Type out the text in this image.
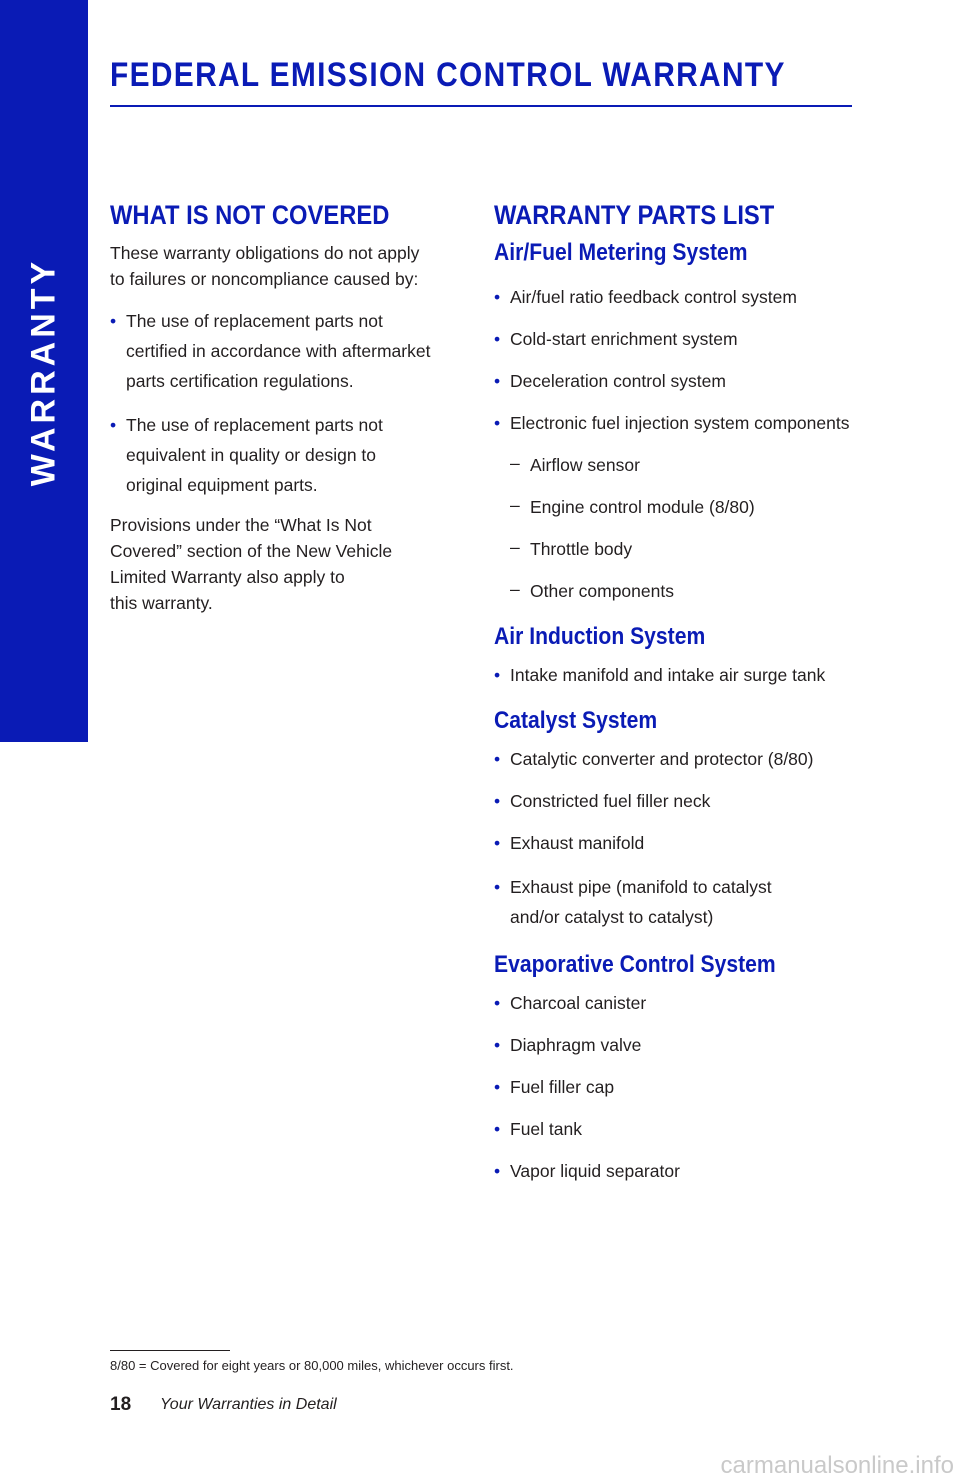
WARRANTY
FEDERAL EMISSION CONTROL WARRANTY
WHAT IS NOT COVERED

These warranty obligations do not apply
to failures or noncompliance caused by:

• The use of replacement parts not
certified in accordance with aftermarket
parts certification regulations.
• The use of replacement parts not
equivalent in quality or design to
original equipment parts.

Provisions under the “What Is Not
Covered” section of the New Vehicle
Limited Warranty also apply to
this warranty.

WARRANTY PARTS LIST
Air/Fuel Metering System
• Air/fuel ratio feedback control system
• Cold-start enrichment system
• Deceleration control system
• Electronic fuel injection system components
– Airflow sensor
– Engine control module (8/80)
– Throttle body
– Other components
Air Induction System
• Intake manifold and intake air surge tank
Catalyst System
• Catalytic converter and protector (8/80)
• Constricted fuel filler neck
• Exhaust manifold
• Exhaust pipe (manifold to catalyst
and/or catalyst to catalyst)
Evaporative Control System
• Charcoal canister
• Diaphragm valve
• Fuel filler cap
• Fuel tank
• Vapor liquid separator
8/80 = Covered for eight years or 80,000 miles, whichever occurs first.
18 Your Warranties in Detail
carmanualsonline.info
